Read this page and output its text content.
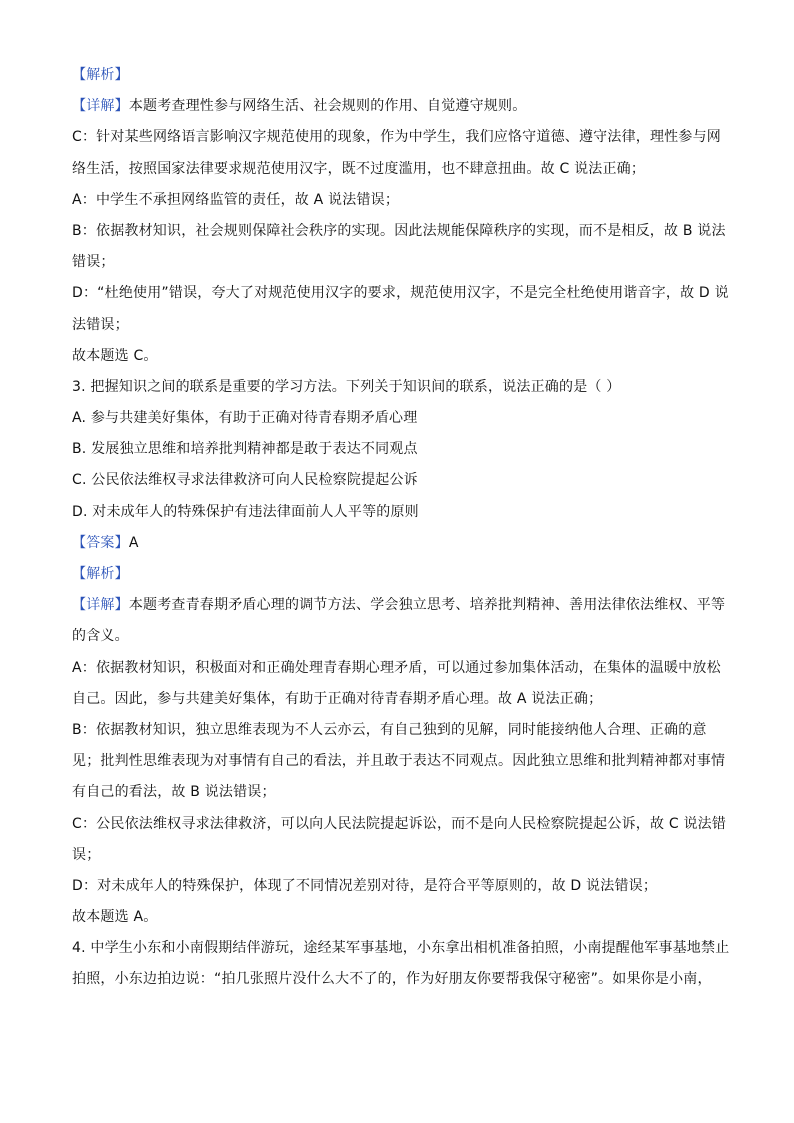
【解析】
【详解】本题考查理性参与网络生活、社会规则的作用、自觉遵守规则。
C：针对某些网络语言影响汉字规范使用的现象，作为中学生，我们应恪守道德、遵守法律，理性参与网
络生活，按照国家法律要求规范使用汉字，既不过度滥用，也不肆意扭曲。故 C 说法正确；
A：中学生不承担网络监管的责任，故 A 说法错误；
B：依据教材知识，社会规则保障社会秩序的实现。因此法规能保障秩序的实现，而不是相反，故 B 说法
错误；
D：“杜绝使用”错误，夸大了对规范使用汉字的要求，规范使用汉字，不是完全杜绝使用谐音字，故 D 说
法错误；
故本题选 C。
3. 把握知识之间的联系是重要的学习方法。下列关于知识间的联系，说法正确的是（ ）
A. 参与共建美好集体，有助于正确对待青春期矛盾心理
B. 发展独立思维和培养批判精神都是敢于表达不同观点
C. 公民依法维权寻求法律救济可向人民检察院提起公诉
D. 对未成年人的特殊保护有违法律面前人人平等的原则
【答案】A
【解析】
【详解】本题考查青春期矛盾心理的调节方法、学会独立思考、培养批判精神、善用法律依法维权、平等
的含义。
A：依据教材知识，积极面对和正确处理青春期心理矛盾，可以通过参加集体活动，在集体的温暖中放松
自己。因此，参与共建美好集体，有助于正确对待青春期矛盾心理。故 A 说法正确；
B：依据教材知识，独立思维表现为不人云亦云，有自己独到的见解，同时能接纳他人合理、正确的意
见；批判性思维表现为对事情有自己的看法，并且敢于表达不同观点。因此独立思维和批判精神都对事情
有自己的看法，故 B 说法错误；
C：公民依法维权寻求法律救济，可以向人民法院提起诉讼，而不是向人民检察院提起公诉，故 C 说法错
误；
D：对未成年人的特殊保护，体现了不同情况差别对待，是符合平等原则的，故 D 说法错误；
故本题选 A。
4. 中学生小东和小南假期结伴游玩，途经某军事基地，小东拿出相机准备拍照，小南提醒他军事基地禁止
拍照，小东边拍边说：“拍几张照片没什么大不了的，作为好朋友你要帮我保守秘密”。如果你是小南，
